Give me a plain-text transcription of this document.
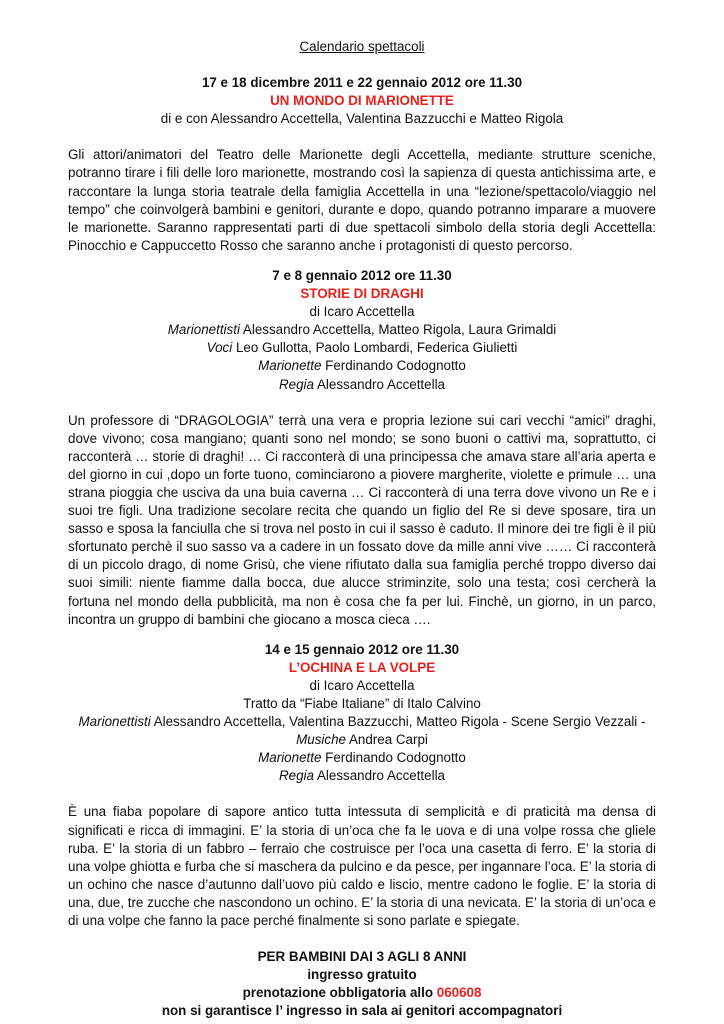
Calendario spettacoli
17 e 18 dicembre 2011 e 22 gennaio 2012 ore 11.30
UN MONDO DI MARIONETTE
di e con Alessandro Accettella, Valentina Bazzucchi e Matteo Rigola
Gli attori/animatori del Teatro delle Marionette degli Accettella, mediante strutture sceniche, potranno tirare i fili delle loro marionette, mostrando così la sapienza di questa antichissima arte, e raccontare la lunga storia teatrale della famiglia Accettella in una “lezione/spettacolo/viaggio nel tempo” che coinvolgerà bambini e genitori, durante e dopo, quando potranno imparare a muovere le marionette. Saranno rappresentati parti di due spettacoli simbolo della storia degli Accettella: Pinocchio e Cappuccetto Rosso che saranno anche i protagonisti di questo percorso.
7 e 8 gennaio 2012 ore 11.30
STORIE DI DRAGHI
di Icaro Accettella
Marionettisti Alessandro Accettella, Matteo Rigola, Laura Grimaldi
Voci Leo Gullotta, Paolo Lombardi, Federica Giulietti
Marionette Ferdinando Codognotto
Regia Alessandro Accettella
Un professore di “DRAGOLOGIA” terrà una vera e propria lezione sui cari vecchi “amici” draghi, dove vivono; cosa mangiano; quanti sono nel mondo; se sono buoni o cattivi ma, soprattutto, ci racconterà … storie di draghi! … Ci racconterà di una principessa che amava stare all’aria aperta e del giorno in cui ,dopo un forte tuono, cominciarono a piovere margherite, violette e primule … una strana pioggia che usciva da una buia caverna … Ci racconterà di una terra dove vivono un Re e i suoi tre figli. Una tradizione secolare recita che quando un figlio del Re si deve sposare, tira un sasso e sposa la fanciulla che si trova nel posto in cui il sasso è caduto. Il minore dei tre figli è il più sfortunato perchè il suo sasso va a cadere in un fossato dove da mille anni vive …… Ci racconterà di un piccolo drago, di nome Grisù, che viene rifiutato dalla sua famiglia perché troppo diverso dai suoi simili: niente fiamme dalla bocca, due alucce striminzite, solo una testa; così cercherà la fortuna nel mondo della pubblicità, ma non è cosa che fa per lui. Finchè, un giorno, in un parco, incontra un gruppo di bambini che giocano a mosca cieca ….
14 e 15 gennaio 2012 ore 11.30
L’OCHINA E LA VOLPE
di Icaro Accettella
Tratto da “Fiabe Italiane” di Italo Calvino
Marionettisti Alessandro Accettella, Valentina Bazzucchi, Matteo Rigola - Scene Sergio Vezzali -
Musiche Andrea Carpi
Marionette Ferdinando Codognotto
Regia Alessandro Accettella
È una fiaba popolare di sapore antico tutta intessuta di semplicità e di praticità ma densa di significati e ricca di immagini. E’ la storia di un’oca che fa le uova e di una volpe rossa che gliele ruba. E’ la storia di un fabbro – ferraio che costruisce per l’oca una casetta di ferro. E’ la storia di una volpe ghiotta e furba che si maschera da pulcino e da pesce, per ingannare l’oca. E’ la storia di un ochino che nasce d’autunno dall’uovo più caldo e liscio, mentre cadono le foglie. E’ la storia di una, due, tre zucche che nascondono un ochino. E’ la storia di una nevicata. E’ la storia di un’oca e di una volpe che fanno la pace perché finalmente si sono parlate e spiegate.
PER BAMBINI DAI 3 AGLI 8 ANNI
ingresso gratuito
prenotazione obbligatoria allo 060608
non si garantisce l’ ingresso in sala ai genitori accompagnatori
